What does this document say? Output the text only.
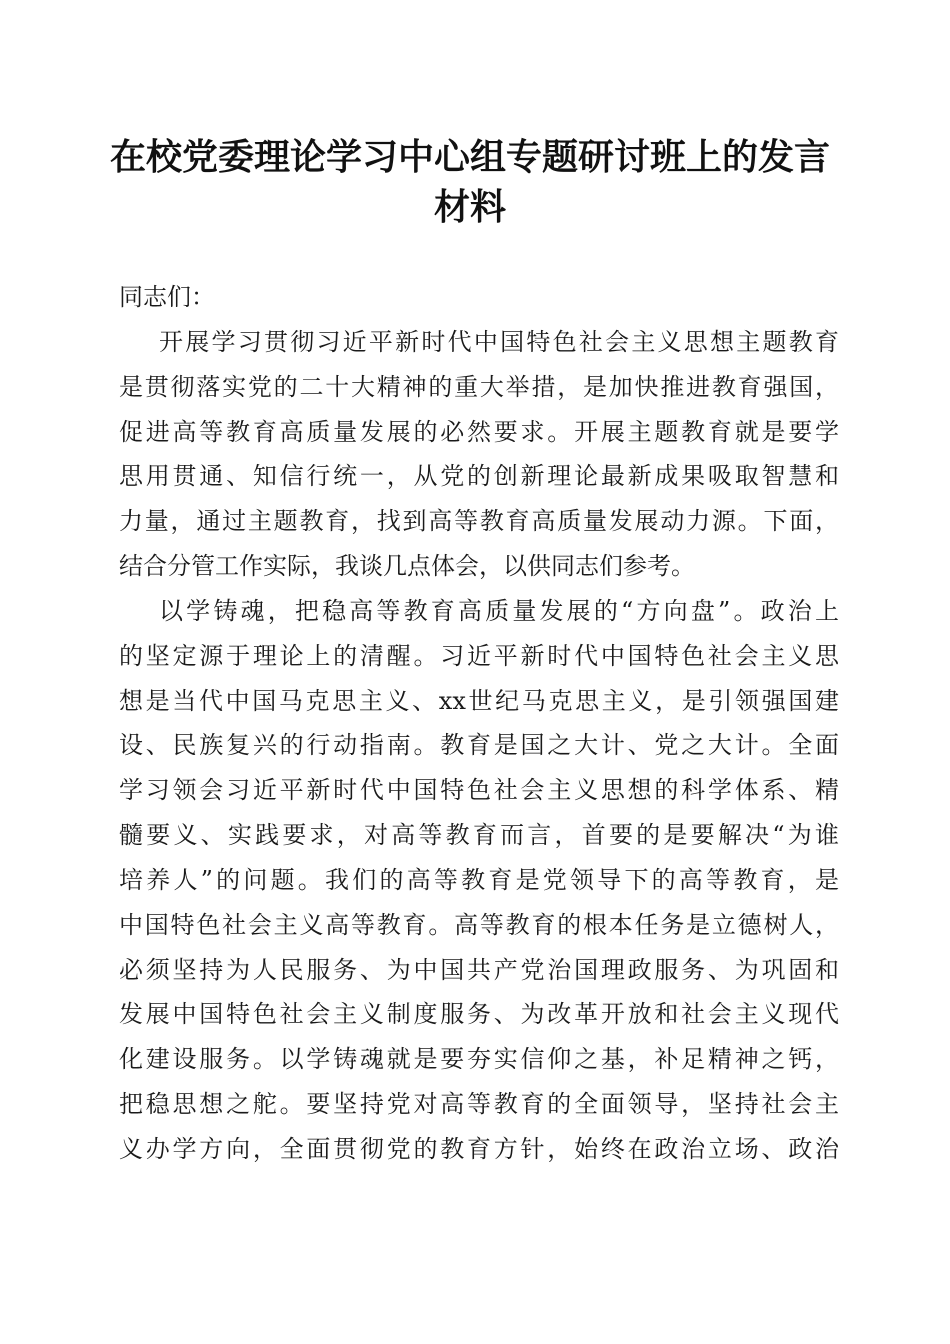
在校党委理论学习中心组专题研讨班上的发言
材料
同志们：
开展学习贯彻习近平新时代中国特色社会主义思想主题教育
是贯彻落实党的二十大精神的重大举措，是加快推进教育强国，
促进高等教育高质量发展的必然要求。开展主题教育就是要学
思用贯通、知信行统一，从党的创新理论最新成果吸取智慧和
力量，通过主题教育，找到高等教育高质量发展动力源。下面，
结合分管工作实际，我谈几点体会，以供同志们参考。
以学铸魂，把稳高等教育高质量发展的“方向盘”。政治上
的坚定源于理论上的清醒。习近平新时代中国特色社会主义思
想是当代中国马克思主义、xx世纪马克思主义，是引领强国建
设、民族复兴的行动指南。教育是国之大计、党之大计。全面
学习领会习近平新时代中国特色社会主义思想的科学体系、精
髓要义、实践要求，对高等教育而言，首要的是要解决“为谁
培养人”的问题。我们的高等教育是党领导下的高等教育，是
中国特色社会主义高等教育。高等教育的根本任务是立德树人，
必须坚持为人民服务、为中国共产党治国理政服务、为巩固和
发展中国特色社会主义制度服务、为改革开放和社会主义现代
化建设服务。以学铸魂就是要夯实信仰之基，补足精神之钙，
把稳思想之舵。要坚持党对高等教育的全面领导，坚持社会主
义办学方向，全面贯彻党的教育方针，始终在政治立场、政治
